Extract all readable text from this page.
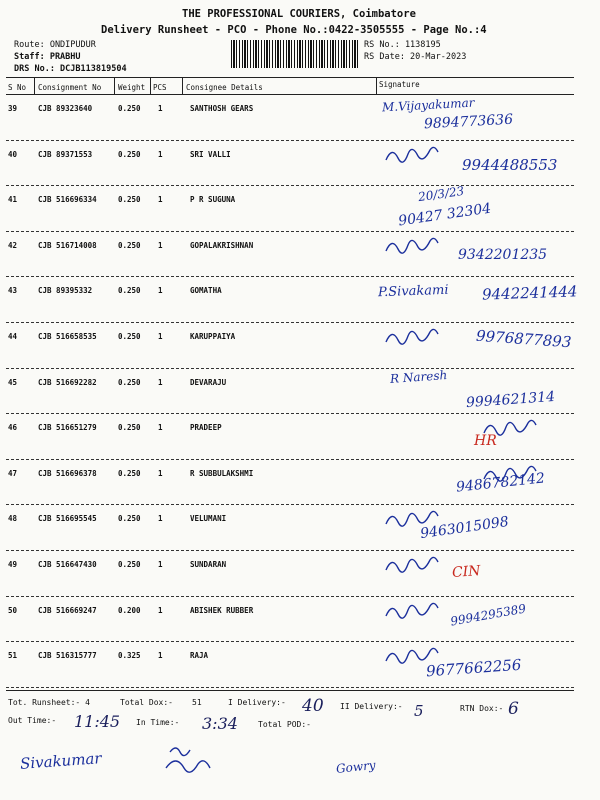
THE PROFESSIONAL COURIERS, Coimbatore
Delivery Runsheet - PCO - Phone No.:0422-3505555 - Page No.:4
Route: ONDIPUDUR
Staff: PRABHU
DRS No.: DCJB113819504
RS No.: 1138195
RS Date: 20-Mar-2023
S No Consignment No Weight PCS	Consignee Details	Signature
39	CJB 89323640	0.250 1	SANTHOSH GEARS	M.Vijayakumar
9894773636
40	CJB 89371553	0.250 1	SRI VALLI
9944488553
41	CJB 516696334	0.250 1	P R SUGUNA	20/3/23
90427 32304
42	CJB 516714008	0.250 1	GOPALAKRISHNAN
9342201235
43	CJB 89395332	0.250 1	GOMATHA	P.Sivakami 9442241444
44	CJB 516658535	0.250 1	KARUPPAIYA	9976877893
45	CJB 516692282	0.250 1	DEVARAJU	R Naresh
9994621314
46	CJB 516651279	0.250 1	PRADEEP
HR
47	CJB 516696378	0.250 1	R SUBBULAKSHMI	9486782142
48	CJB 516695545	0.250 1	VELUMANI	9463015098
49	CJB 516647430	0.250 1	SUNDARAN	CIN
50	CJB 516669247	0.200 1	ABISHEK RUBBER	9994295389
51	CJB 516315777	0.325 1	RAJA
9677662256
Tot. Runsheet:- 4	Total Dox:- 51	I Delivery:- 40 II Delivery:- 5	RTN Dox:- 6
Out Time:- 11:45 In Time:- 3:34	Total POD:-
Sivakumar	Gowry
